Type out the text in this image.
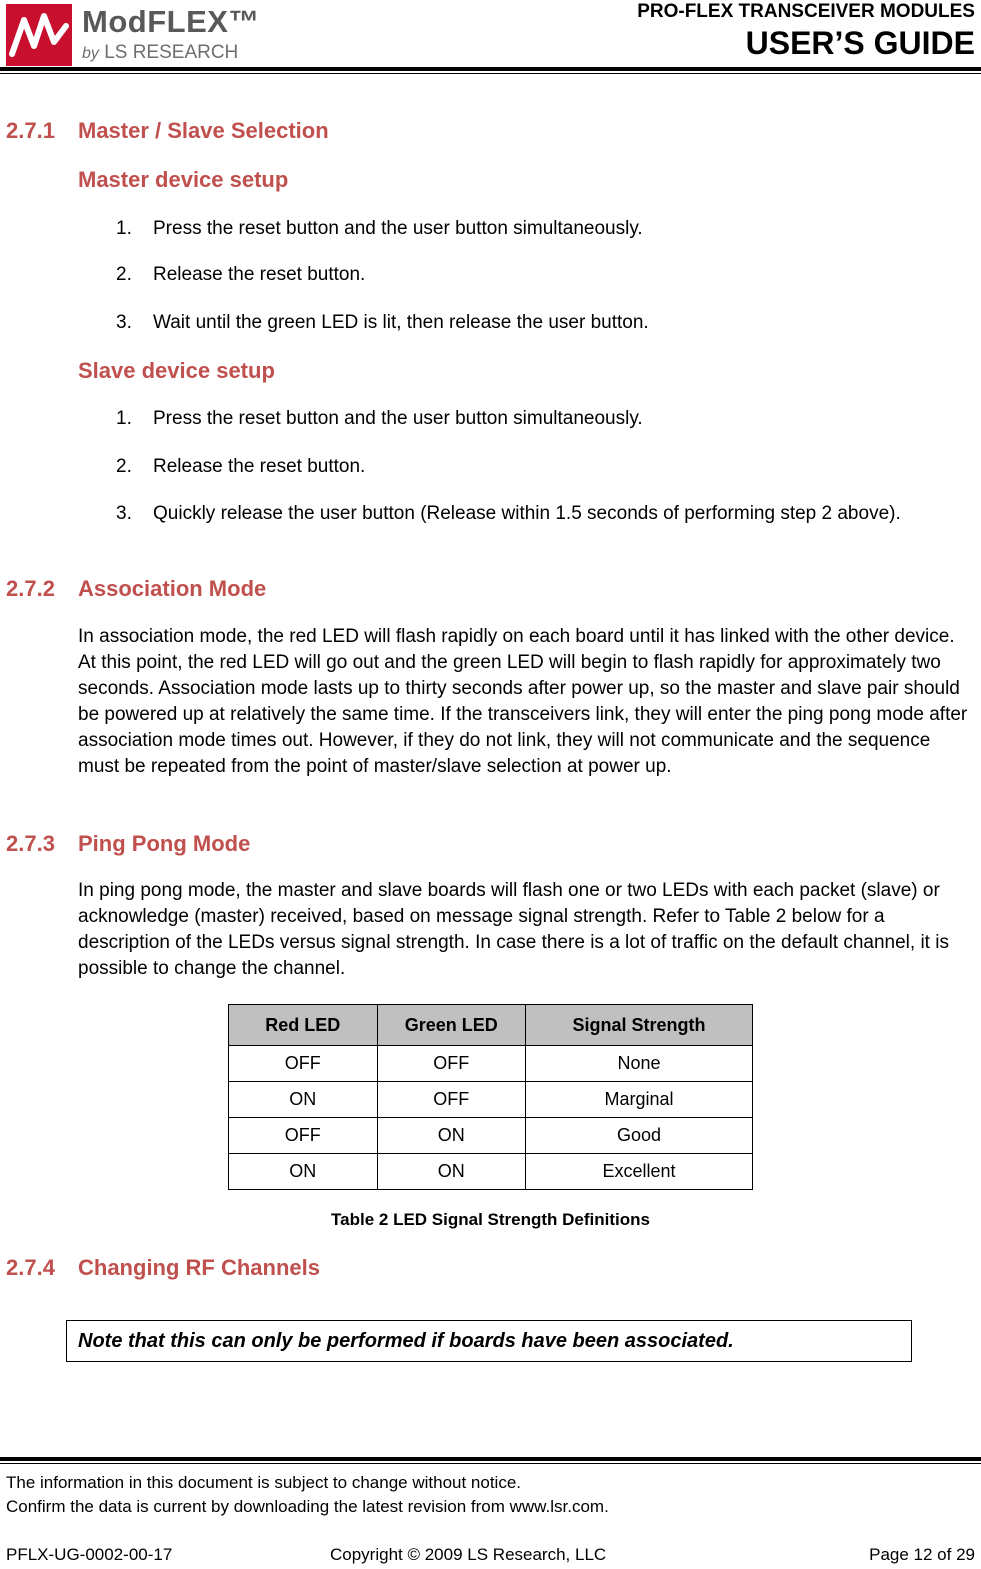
ModFLEX™
by LS RESEARCH
PRO-FLEX TRANSCEIVER MODULES
USER’S GUIDE
2.7.1 Master / Slave Selection
Master device setup
1. Press the reset button and the user button simultaneously.
2. Release the reset button.
3. Wait until the green LED is lit, then release the user button.
Slave device setup
1. Press the reset button and the user button simultaneously.
2. Release the reset button.
3. Quickly release the user button (Release within 1.5 seconds of performing step 2 above).
2.7.2 Association Mode
In association mode, the red LED will flash rapidly on each board until it has linked with the other device. At this point, the red LED will go out and the green LED will begin to flash rapidly for approximately two seconds. Association mode lasts up to thirty seconds after power up, so the master and slave pair should be powered up at relatively the same time. If the transceivers link, they will enter the ping pong mode after association mode times out. However, if they do not link, they will not communicate and the sequence must be repeated from the point of master/slave selection at power up.
2.7.3 Ping Pong Mode
In ping pong mode, the master and slave boards will flash one or two LEDs with each packet (slave) or acknowledge (master) received, based on message signal strength. Refer to Table 2 below for a description of the LEDs versus signal strength. In case there is a lot of traffic on the default channel, it is possible to change the channel.
Red LED	Green LED	Signal Strength
OFF	OFF	None
ON	OFF	Marginal
OFF	ON	Good
ON	ON	Excellent
Table 2 LED Signal Strength Definitions
2.7.4 Changing RF Channels
Note that this can only be performed if boards have been associated.
The information in this document is subject to change without notice.
Confirm the data is current by downloading the latest revision from www.lsr.com.
PFLX-UG-0002-00-17	Copyright © 2009 LS Research, LLC	Page 12 of 29
